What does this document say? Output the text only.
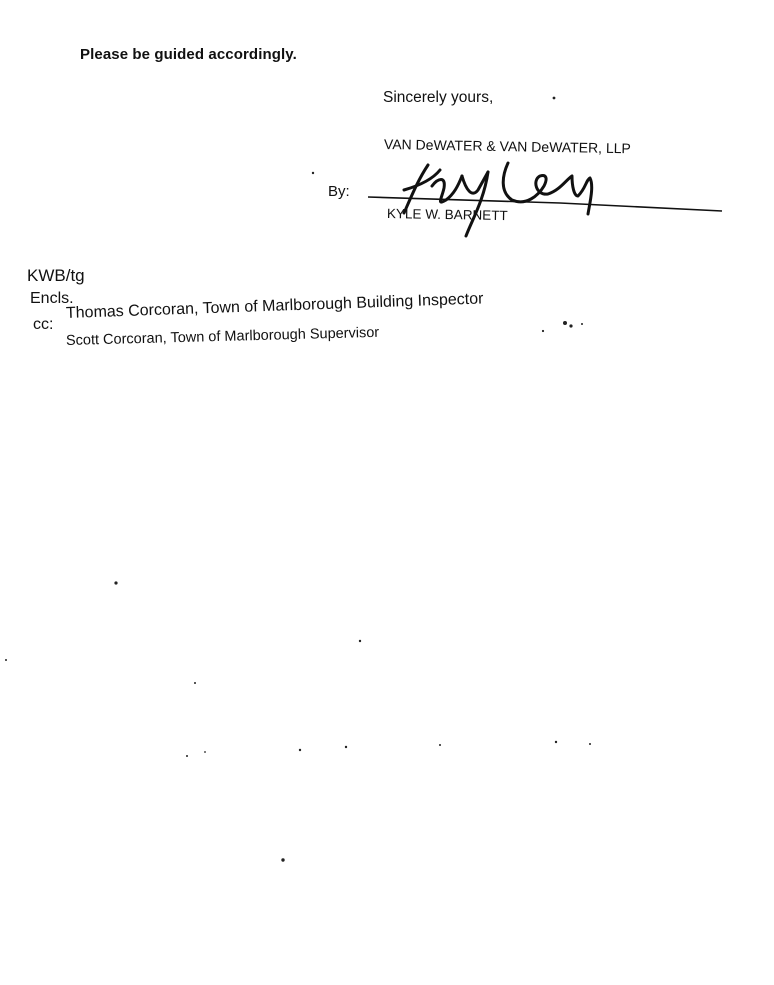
Please be guided accordingly.
Sincerely yours,
VAN DeWATER & VAN DeWATER, LLP
By:
KYLE W. BARNETT
KWB/tg
Encls.
cc:
Thomas Corcoran, Town of Marlborough Building Inspector
Scott Corcoran, Town of Marlborough Supervisor
